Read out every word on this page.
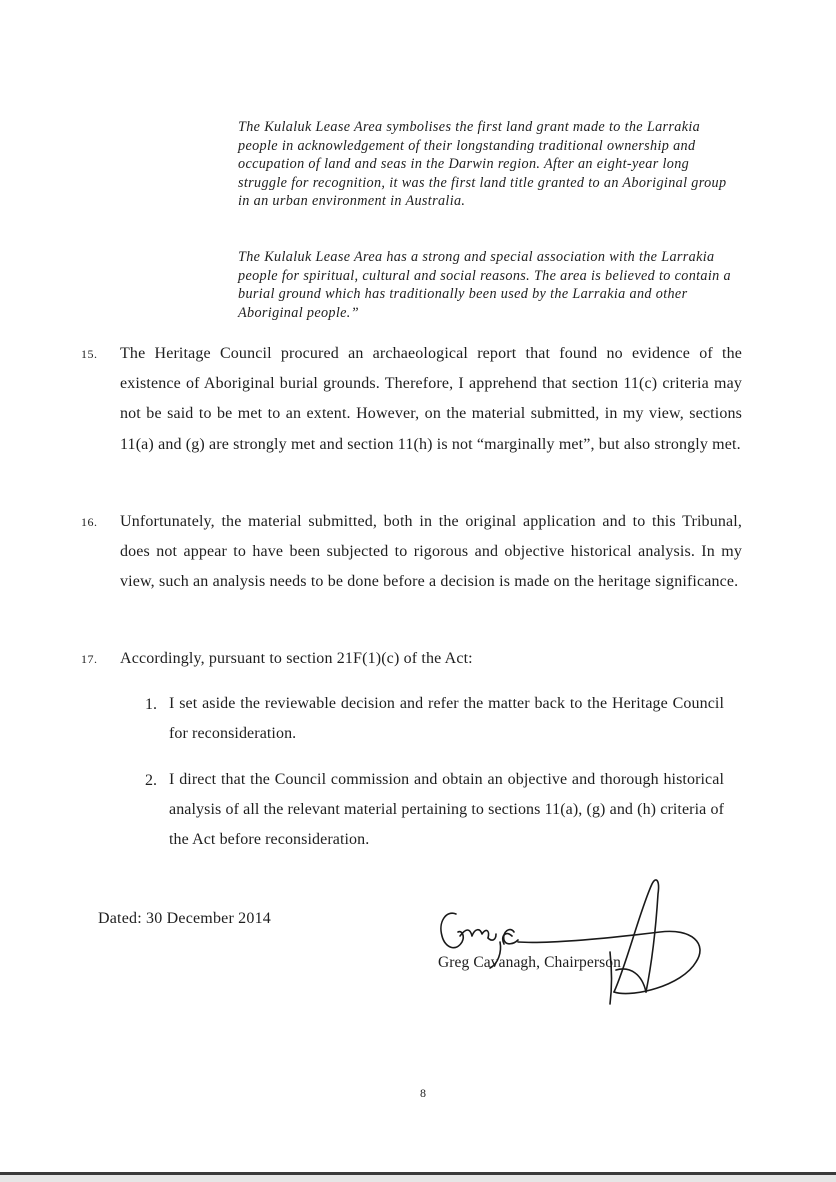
The Kulaluk Lease Area symbolises the first land grant made to the Larrakia people in acknowledgement of their longstanding traditional ownership and occupation of land and seas in the Darwin region. After an eight-year long struggle for recognition, it was the first land title granted to an Aboriginal group in an urban environment in Australia.

The Kulaluk Lease Area has a strong and special association with the Larrakia people for spiritual, cultural and social reasons. The area is believed to contain a burial ground which has traditionally been used by the Larrakia and other Aboriginal people.”

15. The Heritage Council procured an archaeological report that found no evidence of the existence of Aboriginal burial grounds. Therefore, I apprehend that section 11(c) criteria may not be said to be met to an extent. However, on the material submitted, in my view, sections 11(a) and (g) are strongly met and section 11(h) is not “marginally met”, but also strongly met.

16. Unfortunately, the material submitted, both in the original application and to this Tribunal, does not appear to have been subjected to rigorous and objective historical analysis. In my view, such an analysis needs to be done before a decision is made on the heritage significance.

17. Accordingly, pursuant to section 21F(1)(c) of the Act:

1. I set aside the reviewable decision and refer the matter back to the Heritage Council for reconsideration.

2. I direct that the Council commission and obtain an objective and thorough historical analysis of all the relevant material pertaining to sections 11(a), (g) and (h) criteria of the Act before reconsideration.

Dated: 30 December 2014
Greg Cavanagh, Chairperson
8
